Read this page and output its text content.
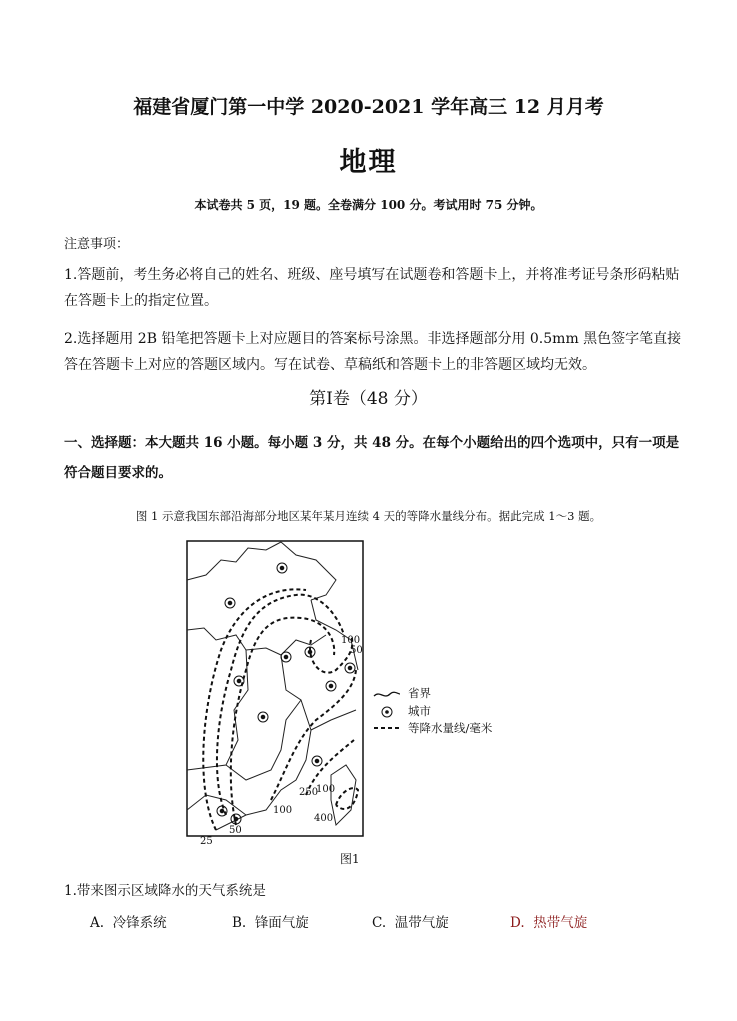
福建省厦门第一中学 2020-2021 学年高三 12 月月考
地理
本试卷共 5 页，19 题。全卷满分 100 分。考试用时 75 分钟。
注意事项：
1.答题前，考生务必将自己的姓名、班级、座号填写在试题卷和答题卡上，并将准考证号条形码粘贴在答题卡上的指定位置。
2.选择题用 2B 铅笔把答题卡上对应题目的答案标号涂黑。非选择题部分用 0.5mm 黑色签字笔直接答在答题卡上对应的答题区域内。写在试卷、草稿纸和答题卡上的非答题区域均无效。
第Ⅰ卷（48 分）
一、选择题：本大题共 16 小题。每小题 3 分，共 48 分。在每个小题给出的四个选项中，只有一项是符合题目要求的。
图 1 示意我国东部沿海部分地区某年某月连续 4 天的等降水量线分布。据此完成 1～3 题。
100
50
250
100
400
100
50
25
省界
城市
等降水量线/毫米
图1
1.带来图示区域降水的天气系统是
A. 冷锋系统	B. 锋面气旋	C. 温带气旋	D. 热带气旋
